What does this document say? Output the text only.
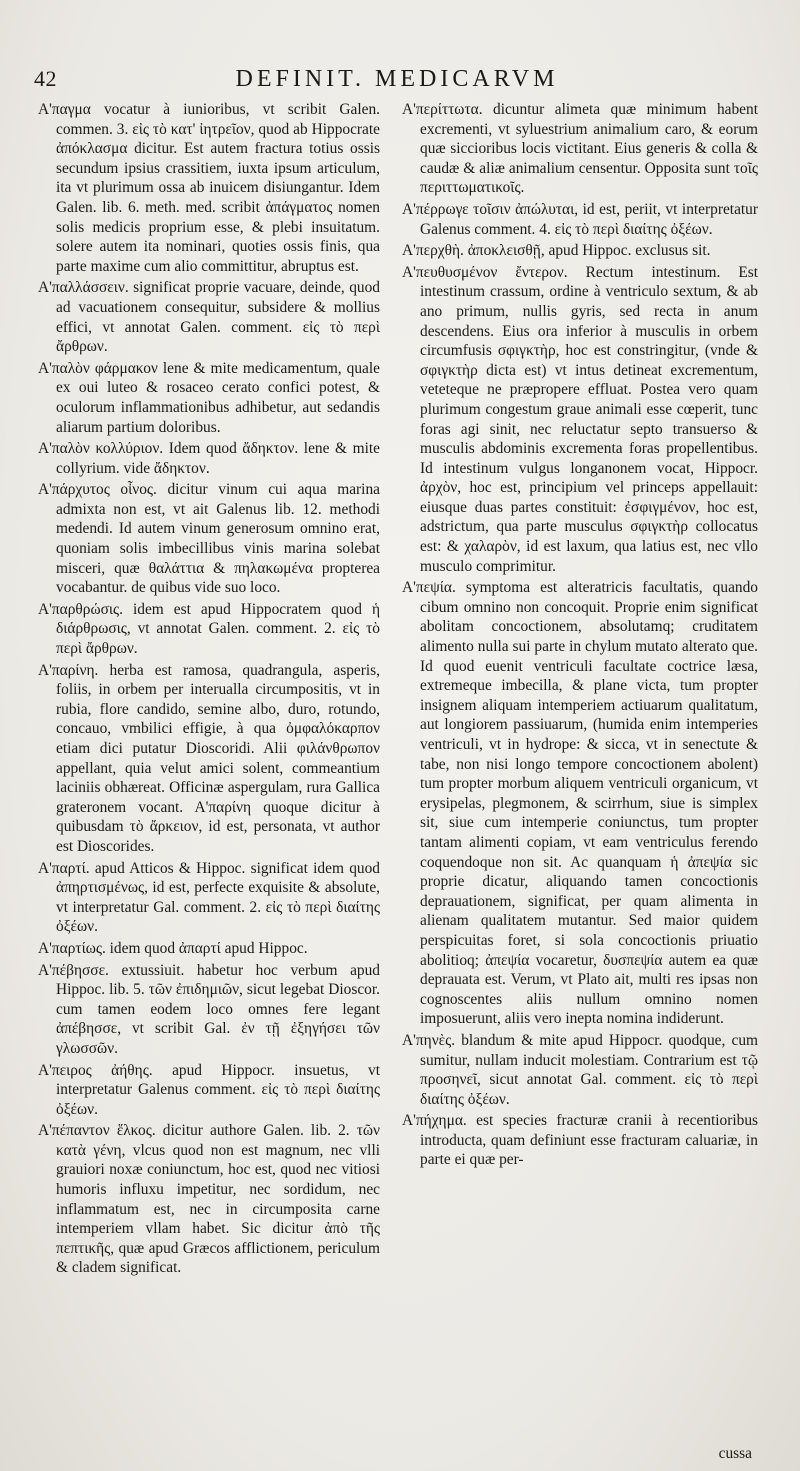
42	DEFINIT. MEDICARVM

A'παγμα vocatur à iunioribus, vt scribit Galen. commen. 3. εἰς τὸ κατ' ἰητρεῖον, quod ab Hippocrate ἀπόκλασμα dicitur. Est autem fractura totius ossis secundum ipsius crassitiem, iuxta ipsum articulum, ita vt plurimum ossa ab inuicem disiungantur. Idem Galen. lib. 6. meth. med. scribit ἀπάγματος nomen solis medicis proprium esse, & plebi insuitatum. solere autem ita nominari, quoties ossis finis, qua parte maxime cum alio committitur, abruptus est.

A'παλλάσσειν. significat proprie vacuare, deinde, quod ad vacuationem consequitur, subsidere & mollius effici, vt annotat Galen. comment. εἰς τὸ περὶ ἄρθρων.

A'παλὸν φάρμακον lene & mite medicamentum, quale ex oui luteo & rosaceo cerato confici potest, & oculorum inflammationibus adhibetur, aut sedandis aliarum partium doloribus.

A'παλὸν κολλύριον. Idem quod ἄδηκτον. lene & mite collyrium. vide ἄδηκτον.

A'πάρχυτος οἶνος. dicitur vinum cui aqua marina admixta non est, vt ait Galenus lib. 12. methodi medendi. Id autem vinum generosum omnino erat, quoniam solis imbecillibus vinis marina solebat misceri, quæ θαλάττια & πηλακωμένα propterea vocabantur. de quibus vide suo loco.

A'παρθρώσις. idem est apud Hippocratem quod ἡ διάρθρωσις, vt annotat Galen. comment. 2. εἰς τὸ περὶ ἄρθρων.

A'παρίνη. herba est ramosa, quadrangula, asperis, foliis, in orbem per interualla circumpositis, vt in rubia, flore candido, semine albo, duro, rotundo, concauo, vmbilici effigie, à qua ὀμφαλόκαρπον etiam dici putatur Dioscoridi. Alii φιλάνθρωπον appellant, quia velut amici solent, commeantium laciniis obhæreat. Officinæ aspergulam, rura Gallica grateronem vocant. A'παρίνη quoque dicitur à quibusdam τὸ ἄρκειον, id est, personata, vt author est Dioscorides.

A'παρτί. apud Atticos & Hippoc. significat idem quod ἀπηρτισμένως, id est, perfecte exquisite & absolute, vt interpretatur Gal. comment. 2. εἰς τὸ περὶ διαίτης ὀξέων.

A'παρτίως. idem quod ἀπαρτί apud Hippoc.

A'πέβησσε. extussiuit. habetur hoc verbum apud Hippoc. lib. 5. τῶν ἐπιδημιῶν, sicut legebat Dioscor. cum tamen eodem loco omnes fere legant ἀπέβησσε, vt scribit Gal. ἐν τῇ ἐξηγήσει τῶν γλωσσῶν.

A'πειρος ἀήθης. apud Hippocr. insuetus, vt interpretatur Galenus comment. εἰς τὸ περὶ διαίτης ὀξέων.

A'πέπαντον ἕλκος. dicitur authore Galen. lib. 2. τῶν κατὰ γένη, vlcus quod non est magnum, nec vlli grauiori noxæ coniunctum, hoc est, quod nec vitiosi humoris influxu impetitur, nec sordidum, nec inflammatum est, nec in circumposita carne intemperiem vllam habet. Sic dicitur ἀπὸ τῆς πεπτικῆς, quæ apud Græcos afflictionem, periculum & cladem significat.

A'περίττωτα. dicuntur alimeta quæ minimum habent excrementi, vt syluestrium animalium caro, & eorum quæ siccioribus locis victitant. Eius generis & colla & caudæ & aliæ animalium censentur. Opposita sunt τοῖς περιττωματικοῖς.

A'πέρρωγε τοῖσιν ἀπώλυται, id est, periit, vt interpretatur Galenus comment. 4. εἰς τὸ περὶ διαίτης ὀξέων.

A'περχθὴ. ἀποκλεισθῇ, apud Hippoc. exclusus sit.

A'πευθυσμένον ἔντερον. Rectum intestinum. Est intestinum crassum, ordine à ventriculo sextum, & ab ano primum, nullis gyris, sed recta in anum descendens. Eius ora inferior à musculis in orbem circumfusis σφιγκτὴρ, hoc est constringitur, (vnde & σφιγκτὴρ dicta est) vt intus detineat excrementum, veteteque ne præpropere effluat. Postea vero quam plurimum congestum graue animali esse cœperit, tunc foras agi sinit, nec reluctatur septo transuerso & musculis abdominis excrementa foras propellentibus. Id intestinum vulgus longanonem vocat, Hippocr. ἀρχὸν, hoc est, principium vel princeps appellauit: eiusque duas partes constituit: ἐσφιγμένον, hoc est, adstrictum, qua parte musculus σφιγκτὴρ collocatus est: & χαλαρὸν, id est laxum, qua latius est, nec vllo musculo comprimitur.

A'πεψία. symptoma est alteratricis facultatis, quando cibum omnino non concoquit. Proprie enim significat abolitam concoctionem, absolutamq; cruditatem alimento nulla sui parte in chylum mutato alterato que. Id quod euenit ventriculi facultate coctrice læsa, extremeque imbecilla, & plane victa, tum propter insignem aliquam intemperiem actiuarum qualitatum, aut longiorem passiuarum, (humida enim intemperies ventriculi, vt in hydrope: & sicca, vt in senectute & tabe, non nisi longo tempore concoctionem abolent) tum propter morbum aliquem ventriculi organicum, vt erysipelas, plegmonem, & scirrhum, siue is simplex sit, siue cum intemperie coniunctus, tum propter tantam alimenti copiam, vt eam ventriculus ferendo coquendoque non sit. Ac quanquam ἡ ἀπεψία sic proprie dicatur, aliquando tamen concoctionis deprauationem, significat, per quam alimenta in alienam qualitatem mutantur. Sed maior quidem perspicuitas foret, si sola concoctionis priuatio abolitioq; ἀπεψία vocaretur, δυσπεψία autem ea quæ deprauata est. Verum, vt Plato ait, multi res ipsas non cognoscentes aliis nullum omnino nomen imposuerunt, aliis vero inepta nomina indiderunt.

A'πηνὲς. blandum & mite apud Hippocr. quodque, cum sumitur, nullam inducit molestiam. Contrarium est τῷ προσηνεῖ, sicut annotat Gal. comment. εἰς τὸ περὶ διαίτης ὀξέων.

A'πήχημα. est species fracturæ cranii à recentioribus introducta, quam definiunt esse fracturam caluariæ, in parte ei quæ per-

cussa
